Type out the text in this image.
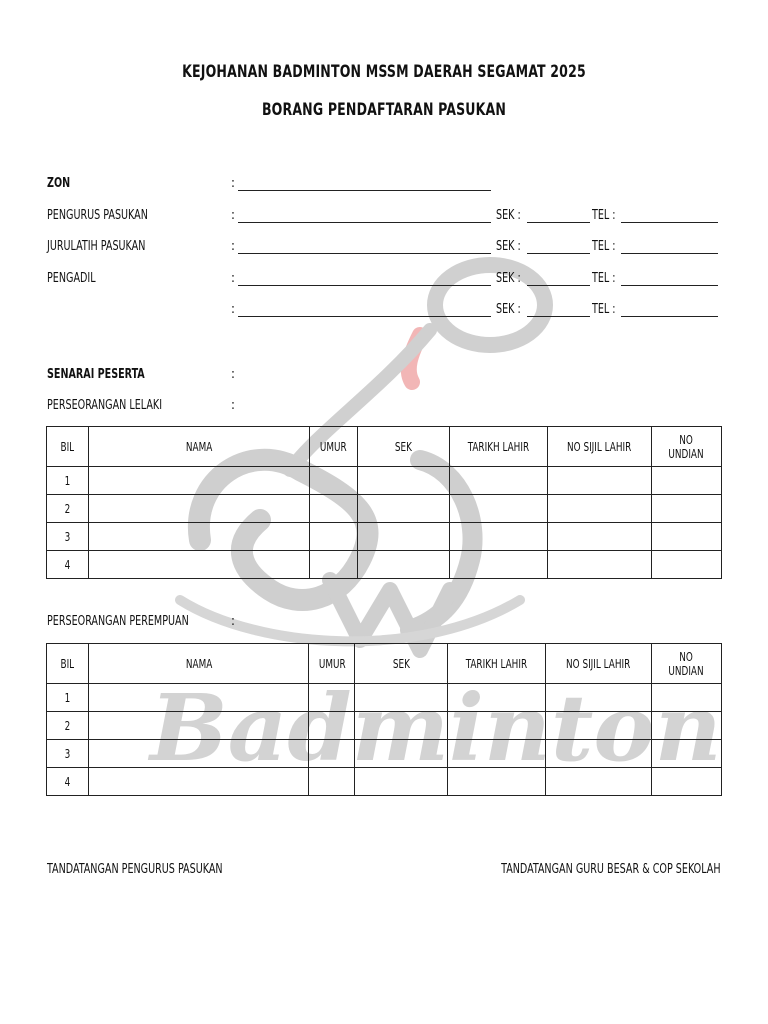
Badminton
KEJOHANAN BADMINTON MSSM DAERAH SEGAMAT 2025
BORANG PENDAFTARAN PASUKAN
ZON	:
PENGURUS PASUKAN	:	SEK :	TEL :
JURULATIH PASUKAN	:	SEK :	TEL :
PENGADIL	:	SEK :	TEL :
:	SEK :	TEL :
SENARAI PESERTA	:
PERSEORANGAN LELAKI	:
BIL	NAMA	UMUR	SEK	TARIKH LAHIR	NO SIJIL LAHIR	NO UNDIAN
1						
2						
3						
4						
PERSEORANGAN PEREMPUAN	:
BIL	NAMA	UMUR	SEK	TARIKH LAHIR	NO SIJIL LAHIR	NO UNDIAN
1						
2						
3						
4						
TANDATANGAN PENGURUS PASUKAN	TANDATANGAN GURU BESAR & COP SEKOLAH
